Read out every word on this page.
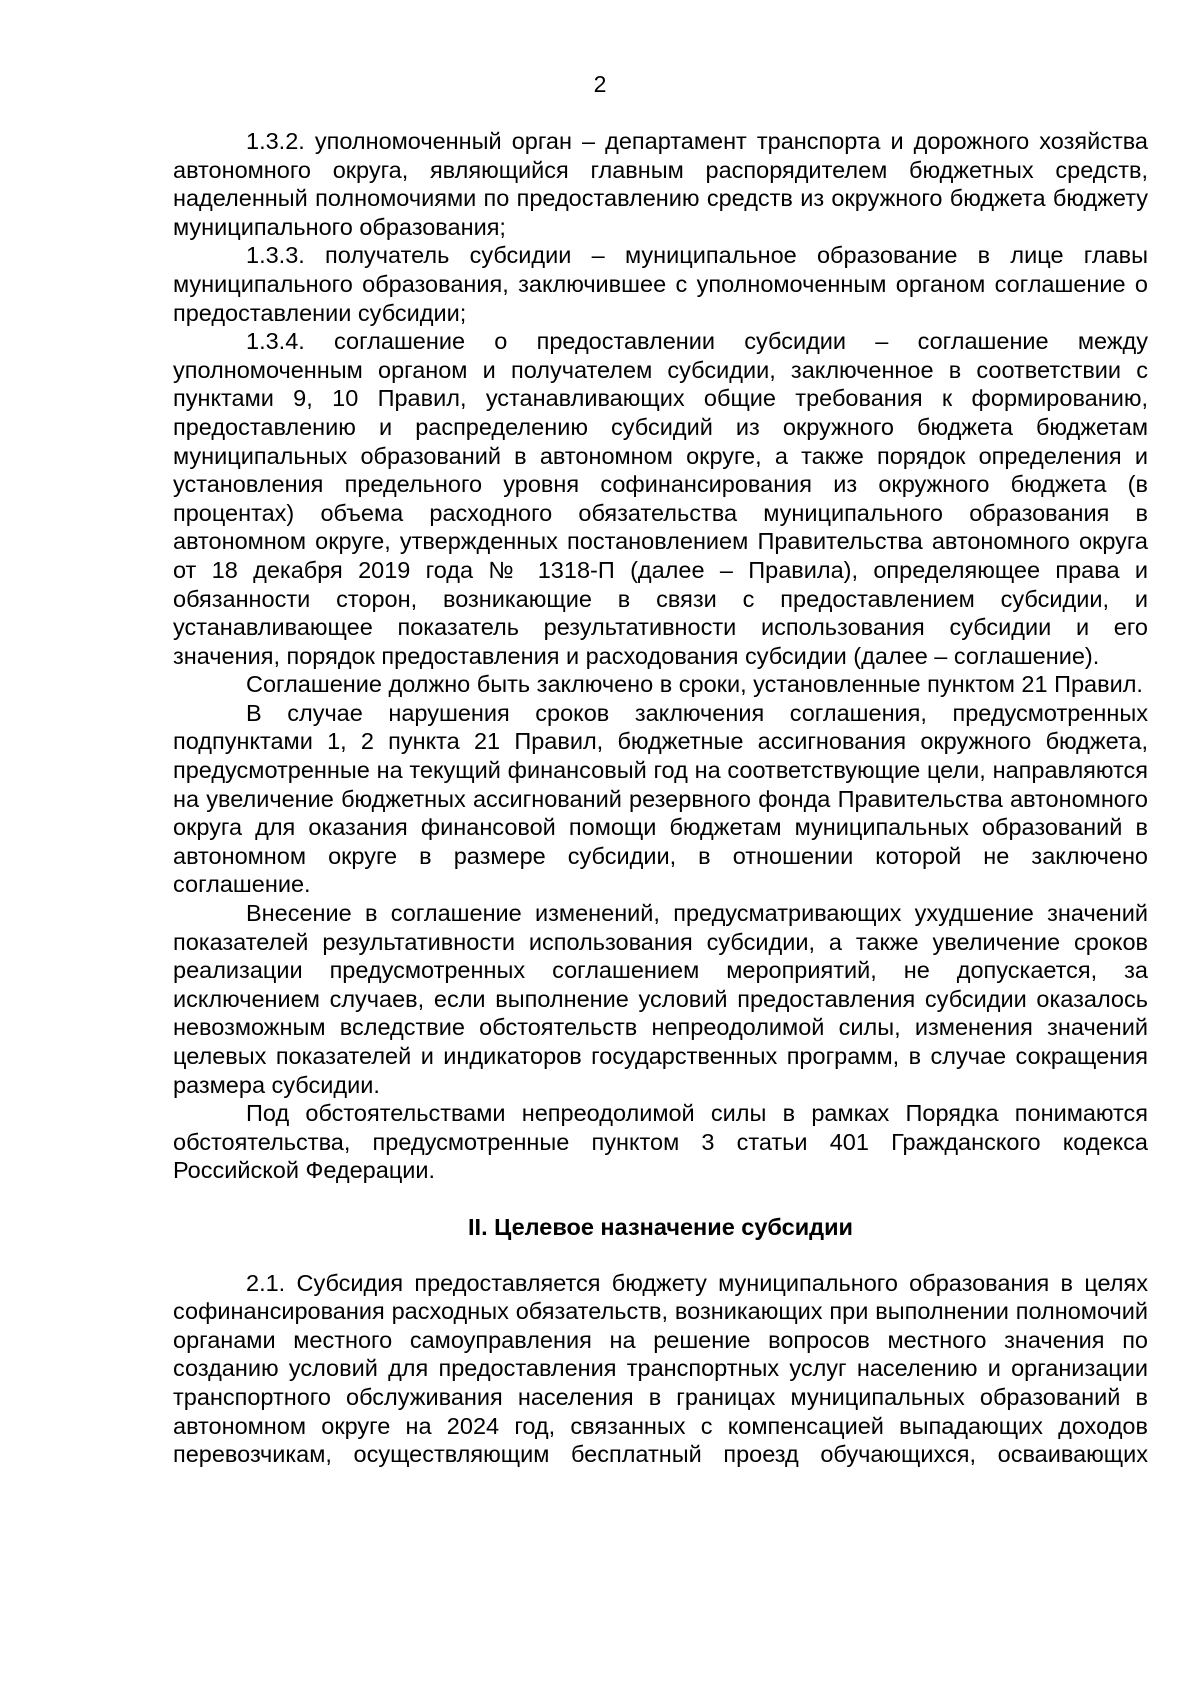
2

1.3.2. уполномоченный орган – департамент транспорта и дорожного хозяйства автономного округа, являющийся главным распорядителем бюджетных средств, наделенный полномочиями по предоставлению средств из окружного бюджета бюджету муниципального образования;

1.3.3. получатель субсидии – муниципальное образование в лице главы муниципального образования, заключившее с уполномоченным органом соглашение о предоставлении субсидии;

1.3.4. соглашение о предоставлении субсидии – соглашение между уполномоченным органом и получателем субсидии, заключенное в соответствии с пунктами 9, 10 Правил, устанавливающих общие требования к формированию, предоставлению и распределению субсидий из окружного бюджета бюджетам муниципальных образований в автономном округе, а также порядок определения и установления предельного уровня софинансирования из окружного бюджета (в процентах) объема расходного обязательства муниципального образования в автономном округе, утвержденных постановлением Правительства автономного округа от 18 декабря 2019 года № 1318-П (далее – Правила), определяющее права и обязанности сторон, возникающие в связи с предоставлением субсидии, и устанавливающее показатель результативности использования субсидии и его значения, порядок предоставления и расходования субсидии (далее – соглашение).

Соглашение должно быть заключено в сроки, установленные пунктом 21 Правил.

В случае нарушения сроков заключения соглашения, предусмотренных подпунктами 1, 2 пункта 21 Правил, бюджетные ассигнования окружного бюджета, предусмотренные на текущий финансовый год на соответствующие цели, направляются на увеличение бюджетных ассигнований резервного фонда Правительства автономного округа для оказания финансовой помощи бюджетам муниципальных образований в автономном округе в размере субсидии, в отношении которой не заключено соглашение.

Внесение в соглашение изменений, предусматривающих ухудшение значений показателей результативности использования субсидии, а также увеличение сроков реализации предусмотренных соглашением мероприятий, не допускается, за исключением случаев, если выполнение условий предоставления субсидии оказалось невозможным вследствие обстоятельств непреодолимой силы, изменения значений целевых показателей и индикаторов государственных программ, в случае сокращения размера субсидии.

Под обстоятельствами непреодолимой силы в рамках Порядка понимаются обстоятельства, предусмотренные пунктом 3 статьи 401 Гражданского кодекса Российской Федерации.

II. Целевое назначение субсидии

2.1. Субсидия предоставляется бюджету муниципального образования в целях софинансирования расходных обязательств, возникающих при выполнении полномочий органами местного самоуправления на решение вопросов местного значения по созданию условий для предоставления транспортных услуг населению и организации транспортного обслуживания населения в границах муниципальных образований в автономном округе на 2024 год, связанных с компенсацией выпадающих доходов перевозчикам, осуществляющим бесплатный проезд обучающихся, осваивающих
